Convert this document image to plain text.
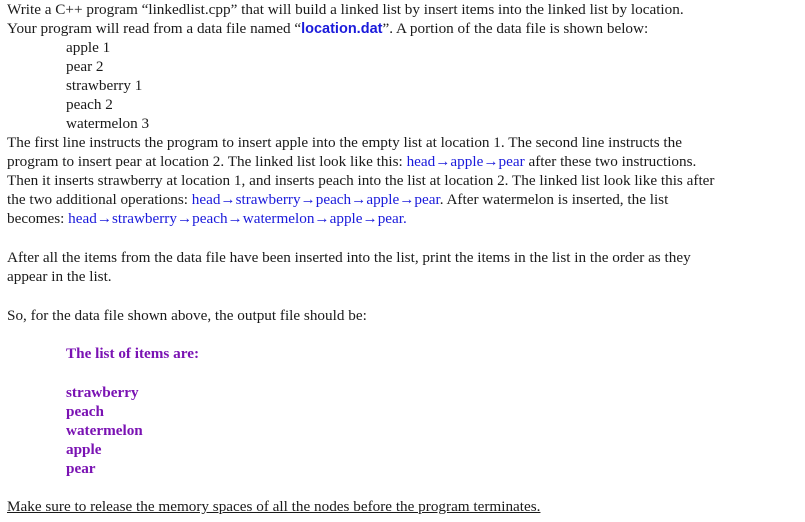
Write a C++ program “linkedlist.cpp” that will build a linked list by insert items into the linked list by location.
Your program will read from a data file named “location.dat”. A portion of the data file is shown below:
apple 1
pear 2
strawberry 1
peach 2
watermelon 3
The first line instructs the program to insert apple into the empty list at location 1. The second line instructs the
program to insert pear at location 2. The linked list look like this: head→apple→pear after these two instructions.
Then it inserts strawberry at location 1, and inserts peach into the list at location 2. The linked list look like this after
the two additional operations: head→strawberry→peach→apple→pear. After watermelon is inserted, the list
becomes: head→strawberry→peach→watermelon→apple→pear.
After all the items from the data file have been inserted into the list, print the items in the list in the order as they
appear in the list.
So, for the data file shown above, the output file should be:
The list of items are:
strawberry
peach
watermelon
apple
pear
Make sure to release the memory spaces of all the nodes before the program terminates.
